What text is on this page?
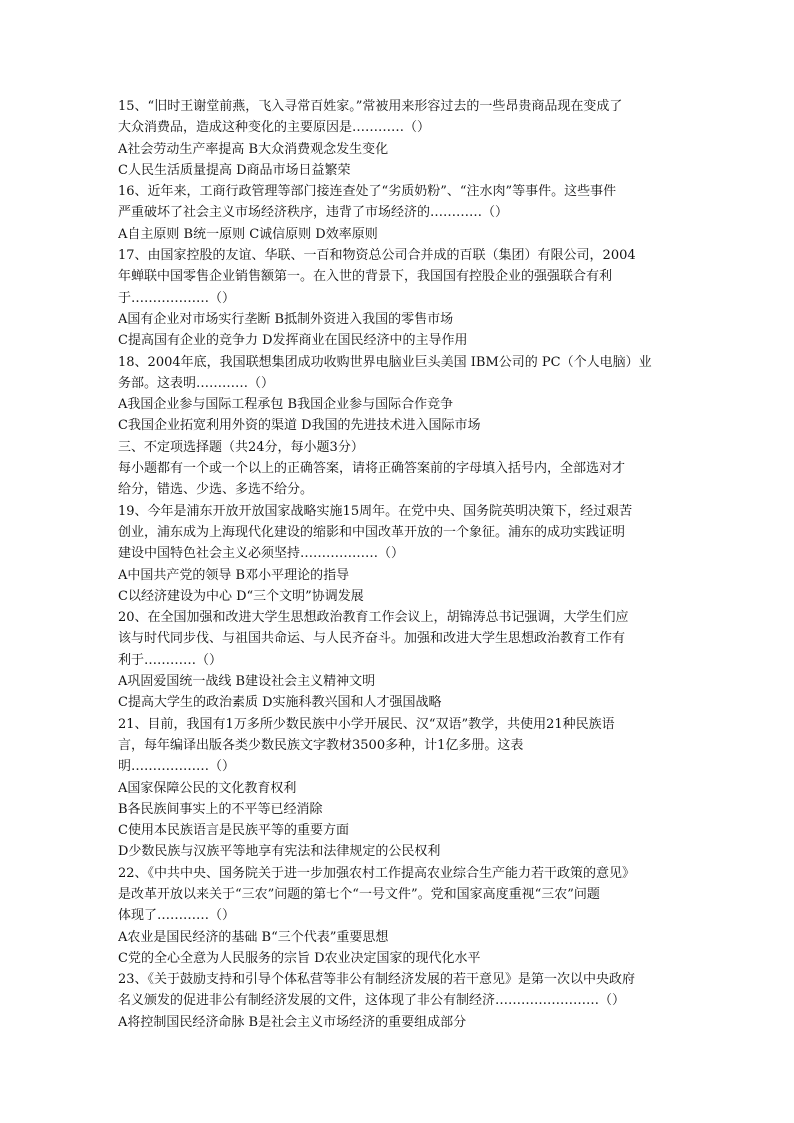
15、“旧时王谢堂前燕，飞入寻常百姓家。”常被用来形容过去的一些昂贵商品现在变成了
大众消费品，造成这种变化的主要原因是…………（）
A社会劳动生产率提高 B大众消费观念发生变化
C人民生活质量提高 D商品市场日益繁荣
16、近年来，工商行政管理等部门接连查处了“劣质奶粉”、“注水肉”等事件。这些事件
严重破坏了社会主义市场经济秩序，违背了市场经济的…………（）
A自主原则 B统一原则 C诚信原则 D效率原则
17、由国家控股的友谊、华联、一百和物资总公司合并成的百联（集团）有限公司，2004
年蝉联中国零售企业销售额第一。在入世的背景下，我国国有控股企业的强强联合有利
于………………（）
A国有企业对市场实行垄断 B抵制外资进入我国的零售市场
C提高国有企业的竞争力 D发挥商业在国民经济中的主导作用
18、2004年底，我国联想集团成功收购世界电脑业巨头美国 IBM公司的 PC（个人电脑）业
务部。这表明…………（）
A我国企业参与国际工程承包 B我国企业参与国际合作竞争
C我国企业拓宽利用外资的渠道 D我国的先进技术进入国际市场
三、不定项选择题（共24分，每小题3分）
每小题都有一个或一个以上的正确答案，请将正确答案前的字母填入括号内，全部选对才
给分，错选、少选、多选不给分。
19、今年是浦东开放开放国家战略实施15周年。在党中央、国务院英明决策下，经过艰苦
创业，浦东成为上海现代化建设的缩影和中国改革开放的一个象征。浦东的成功实践证明
建设中国特色社会主义必须坚持………………（）
A中国共产党的领导 B邓小平理论的指导
C以经济建设为中心 D“三个文明”协调发展
20、在全国加强和改进大学生思想政治教育工作会议上，胡锦涛总书记强调，大学生们应
该与时代同步伐、与祖国共命运、与人民齐奋斗。加强和改进大学生思想政治教育工作有
利于…………（）
A巩固爱国统一战线 B建设社会主义精神文明
C提高大学生的政治素质 D实施科教兴国和人才强国战略
21、目前，我国有1万多所少数民族中小学开展民、汉“双语”教学，共使用21种民族语
言，每年编译出版各类少数民族文字教材3500多种，计1亿多册。这表
明………………（）
A国家保障公民的文化教育权利
B各民族间事实上的不平等已经消除
C使用本民族语言是民族平等的重要方面
D少数民族与汉族平等地享有宪法和法律规定的公民权利
22、《中共中央、国务院关于进一步加强农村工作提高农业综合生产能力若干政策的意见》
是改革开放以来关于“三农”问题的第七个“一号文件”。党和国家高度重视“三农”问题
体现了…………（）
A农业是国民经济的基础 B“三个代表”重要思想
C党的全心全意为人民服务的宗旨 D农业决定国家的现代化水平
23、《关于鼓励支持和引导个体私营等非公有制经济发展的若干意见》是第一次以中央政府
名义颁发的促进非公有制经济发展的文件，这体现了非公有制经济……………………（）
A将控制国民经济命脉 B是社会主义市场经济的重要组成部分
